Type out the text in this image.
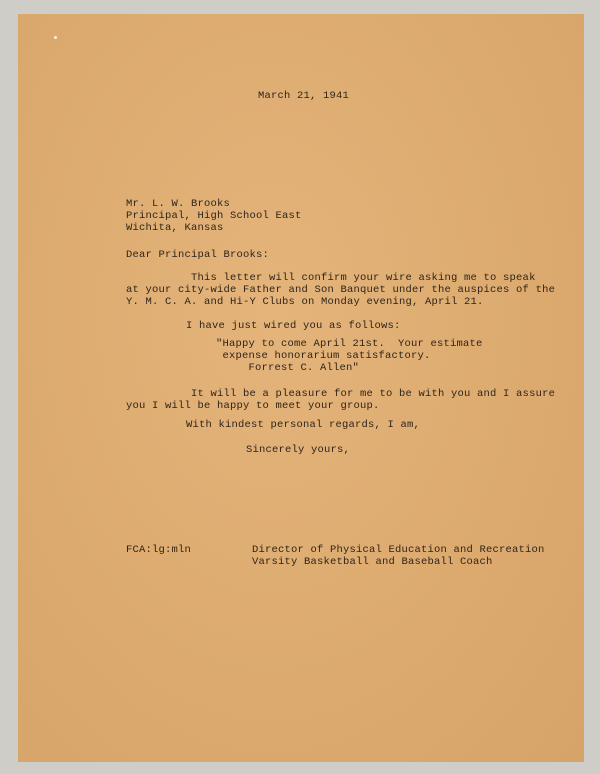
March 21, 1941
Mr. L. W. Brooks
Principal, High School East
Wichita, Kansas
Dear Principal Brooks:
This letter will confirm your wire asking me to speak
at your city-wide Father and Son Banquet under the auspices of the
Y. M. C. A. and Hi-Y Clubs on Monday evening, April 21.
I have just wired you as follows:
"Happy to come April 21st.  Your estimate
expense honorarium satisfactory.
Forrest C. Allen"
It will be a pleasure for me to be with you and I assure
you I will be happy to meet your group.
With kindest personal regards, I am,
Sincerely yours,
FCA:lg:mln	Director of Physical Education and Recreation
Varsity Basketball and Baseball Coach
